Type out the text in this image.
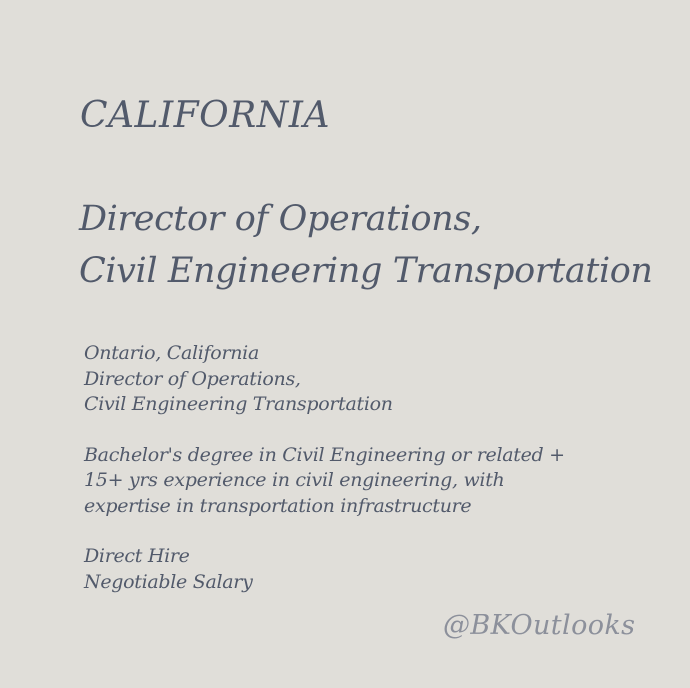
CALIFORNIA
Director of Operations,
Civil Engineering Transportation

Ontario, California

Director of Operations,

Civil Engineering Transportation

Bachelor's degree in Civil Engineering or related +

15+ yrs experience in civil engineering, with

expertise in transportation infrastructure

Direct Hire

Negotiable Salary

@BKOutlooks
